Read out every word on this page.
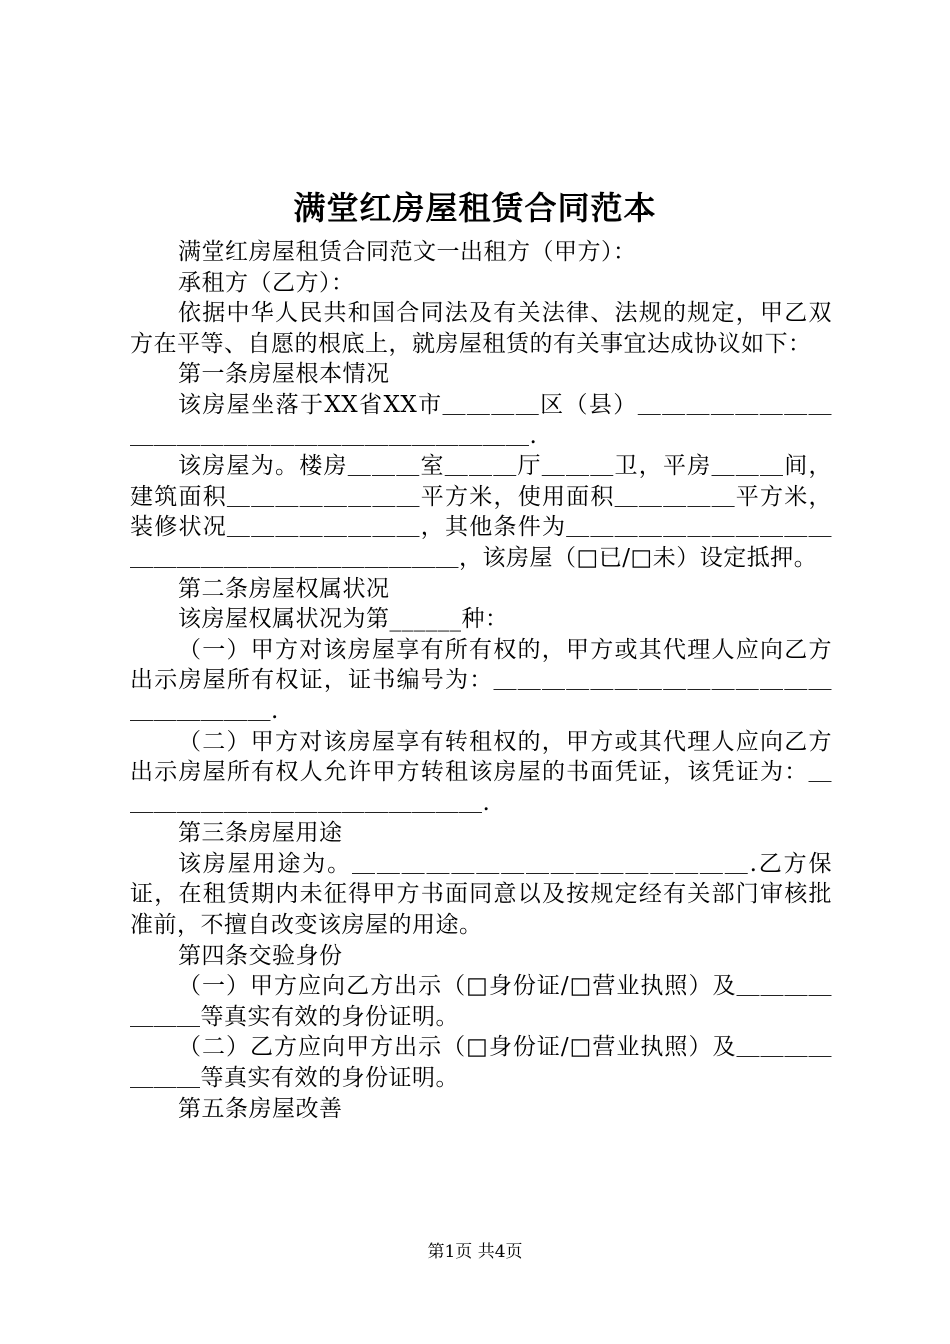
满堂红房屋租赁合同范本

满堂红房屋租赁合同范文一出租方（甲方）：

承租方（乙方）：

依据中华人民共和国合同法及有关法律、法规的规定，甲乙双方在平等、自愿的根底上，就房屋租赁的有关事宜达成协议如下：

第一条房屋根本情况

该房屋坐落于XX省XX市＿＿＿＿区（县）＿＿＿＿＿＿＿＿＿＿＿＿＿＿＿＿＿＿＿＿＿＿＿＿＿.

该房屋为。楼房＿＿＿室＿＿＿厅＿＿＿卫，平房＿＿＿间，建筑面积＿＿＿＿＿＿＿＿平方米，使用面积＿＿＿＿＿平方米，装修状况＿＿＿＿＿＿＿＿，其他条件为＿＿＿＿＿＿＿＿＿＿＿＿＿＿＿＿＿＿＿＿＿＿＿＿＿，该房屋（□已/□未）设定抵押。

第二条房屋权属状况

该房屋权属状况为第______种：

（一）甲方对该房屋享有所有权的，甲方或其代理人应向乙方出示房屋所有权证，证书编号为：＿＿＿＿＿＿＿＿＿＿＿＿＿＿＿＿＿＿＿＿.

（二）甲方对该房屋享有转租权的，甲方或其代理人应向乙方出示房屋所有权人允许甲方转租该房屋的书面凭证，该凭证为：＿＿＿＿＿＿＿＿＿＿＿＿＿＿＿＿.

第三条房屋用途

该房屋用途为。＿＿＿＿＿＿＿＿＿＿＿＿＿＿＿＿.乙方保证，在租赁期内未征得甲方书面同意以及按规定经有关部门审核批准前，不擅自改变该房屋的用途。

第四条交验身份

（一）甲方应向乙方出示（□身份证/□营业执照）及＿＿＿＿＿＿＿等真实有效的身份证明。

（二）乙方应向甲方出示（□身份证/□营业执照）及＿＿＿＿＿＿＿等真实有效的身份证明。

第五条房屋改善

第1页 共4页
